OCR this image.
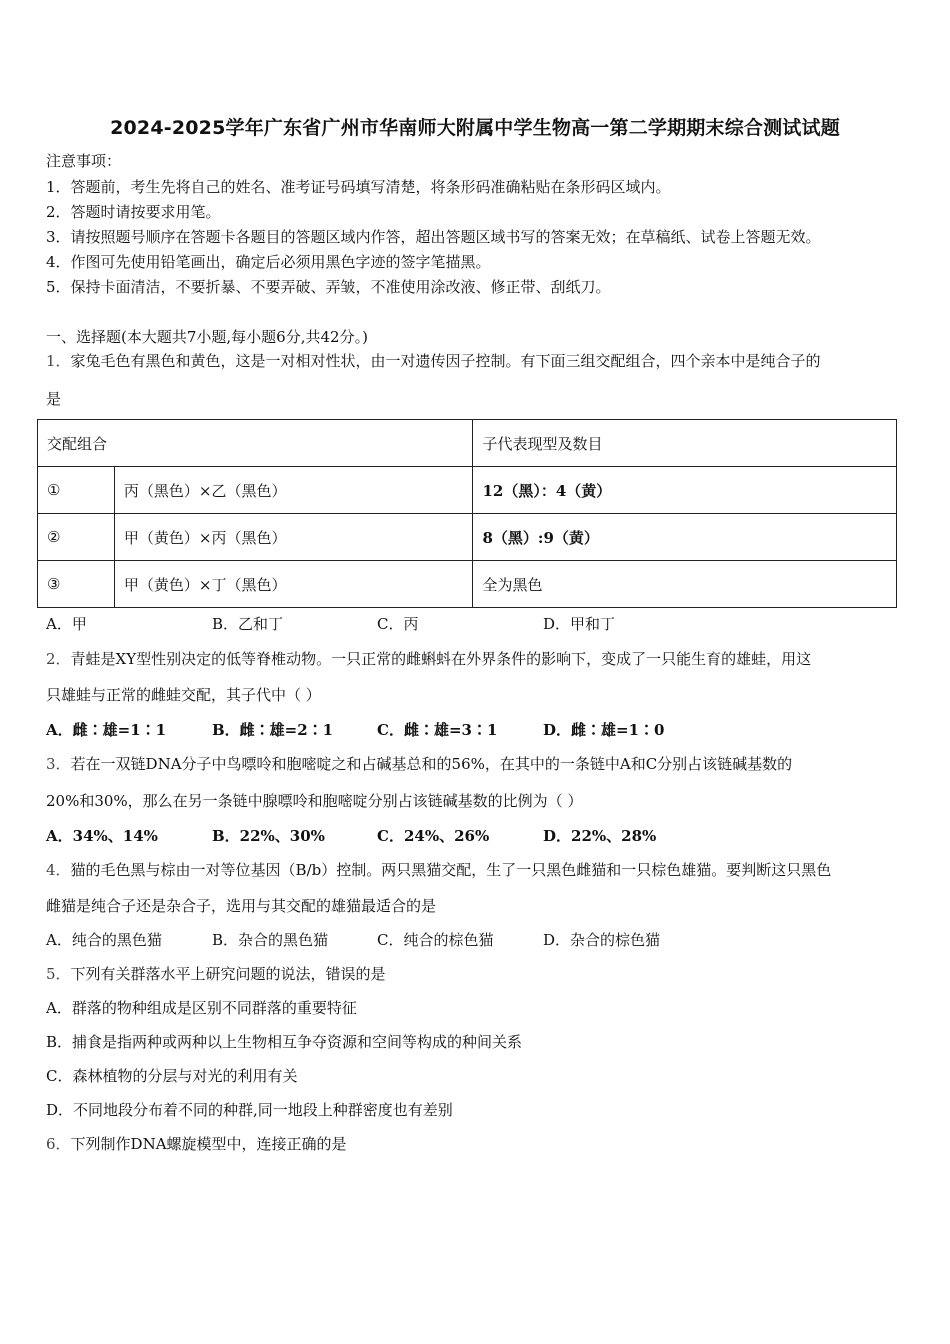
2024-2025学年广东省广州市华南师大附属中学生物高一第二学期期末综合测试试题
注意事项：
1．答题前，考生先将自己的姓名、准考证号码填写清楚，将条形码准确粘贴在条形码区域内。
2．答题时请按要求用笔。
3．请按照题号顺序在答题卡各题目的答题区域内作答，超出答题区域书写的答案无效；在草稿纸、试卷上答题无效。
4．作图可先使用铅笔画出，确定后必须用黑色字迹的签字笔描黑。
5．保持卡面清洁，不要折暴、不要弄破、弄皱，不准使用涂改液、修正带、刮纸刀。
一、选择题(本大题共7小题,每小题6分,共42分。)
1．家兔毛色有黑色和黄色，这是一对相对性状，由一对遗传因子控制。有下面三组交配组合，四个亲本中是纯合子的
是
交配组合		子代表现型及数目
①	丙（黑色）×乙（黑色）	12（黑）：4（黄）
②	甲（黄色）×丙（黑色）	8（黑）:9（黄）
③	甲（黄色）×丁（黑色）	全为黑色
A．甲	B．乙和丁	C．丙	D．甲和丁
2．青蛙是XY型性别决定的低等脊椎动物。一只正常的雌蝌蚪在外界条件的影响下，变成了一只能生育的雄蛙，用这
只雄蛙与正常的雌蛙交配，其子代中（ ）
A．雌∶雄=1∶1	B．雌∶雄=2∶1	C．雌∶雄=3∶1	D．雌∶雄=1∶0
3．若在一双链DNA分子中鸟嘌呤和胞嘧啶之和占碱基总和的56%，在其中的一条链中A和C分别占该链碱基数的
20%和30%，那么在另一条链中腺嘌呤和胞嘧啶分别占该链碱基数的比例为（ ）
A．34%、14%	B．22%、30%	C．24%、26%	D．22%、28%
4．猫的毛色黑与棕由一对等位基因（B/b）控制。两只黑猫交配，生了一只黑色雌猫和一只棕色雄猫。要判断这只黑色
雌猫是纯合子还是杂合子，选用与其交配的雄猫最适合的是
A．纯合的黑色猫	B．杂合的黑色猫	C．纯合的棕色猫	D．杂合的棕色猫
5．下列有关群落水平上研究问题的说法，错误的是
A．群落的物种组成是区别不同群落的重要特征
B．捕食是指两种或两种以上生物相互争夺资源和空间等构成的种间关系
C．森林植物的分层与对光的利用有关
D．不同地段分布着不同的种群,同一地段上种群密度也有差别
6．下列制作DNA螺旋模型中，连接正确的是
